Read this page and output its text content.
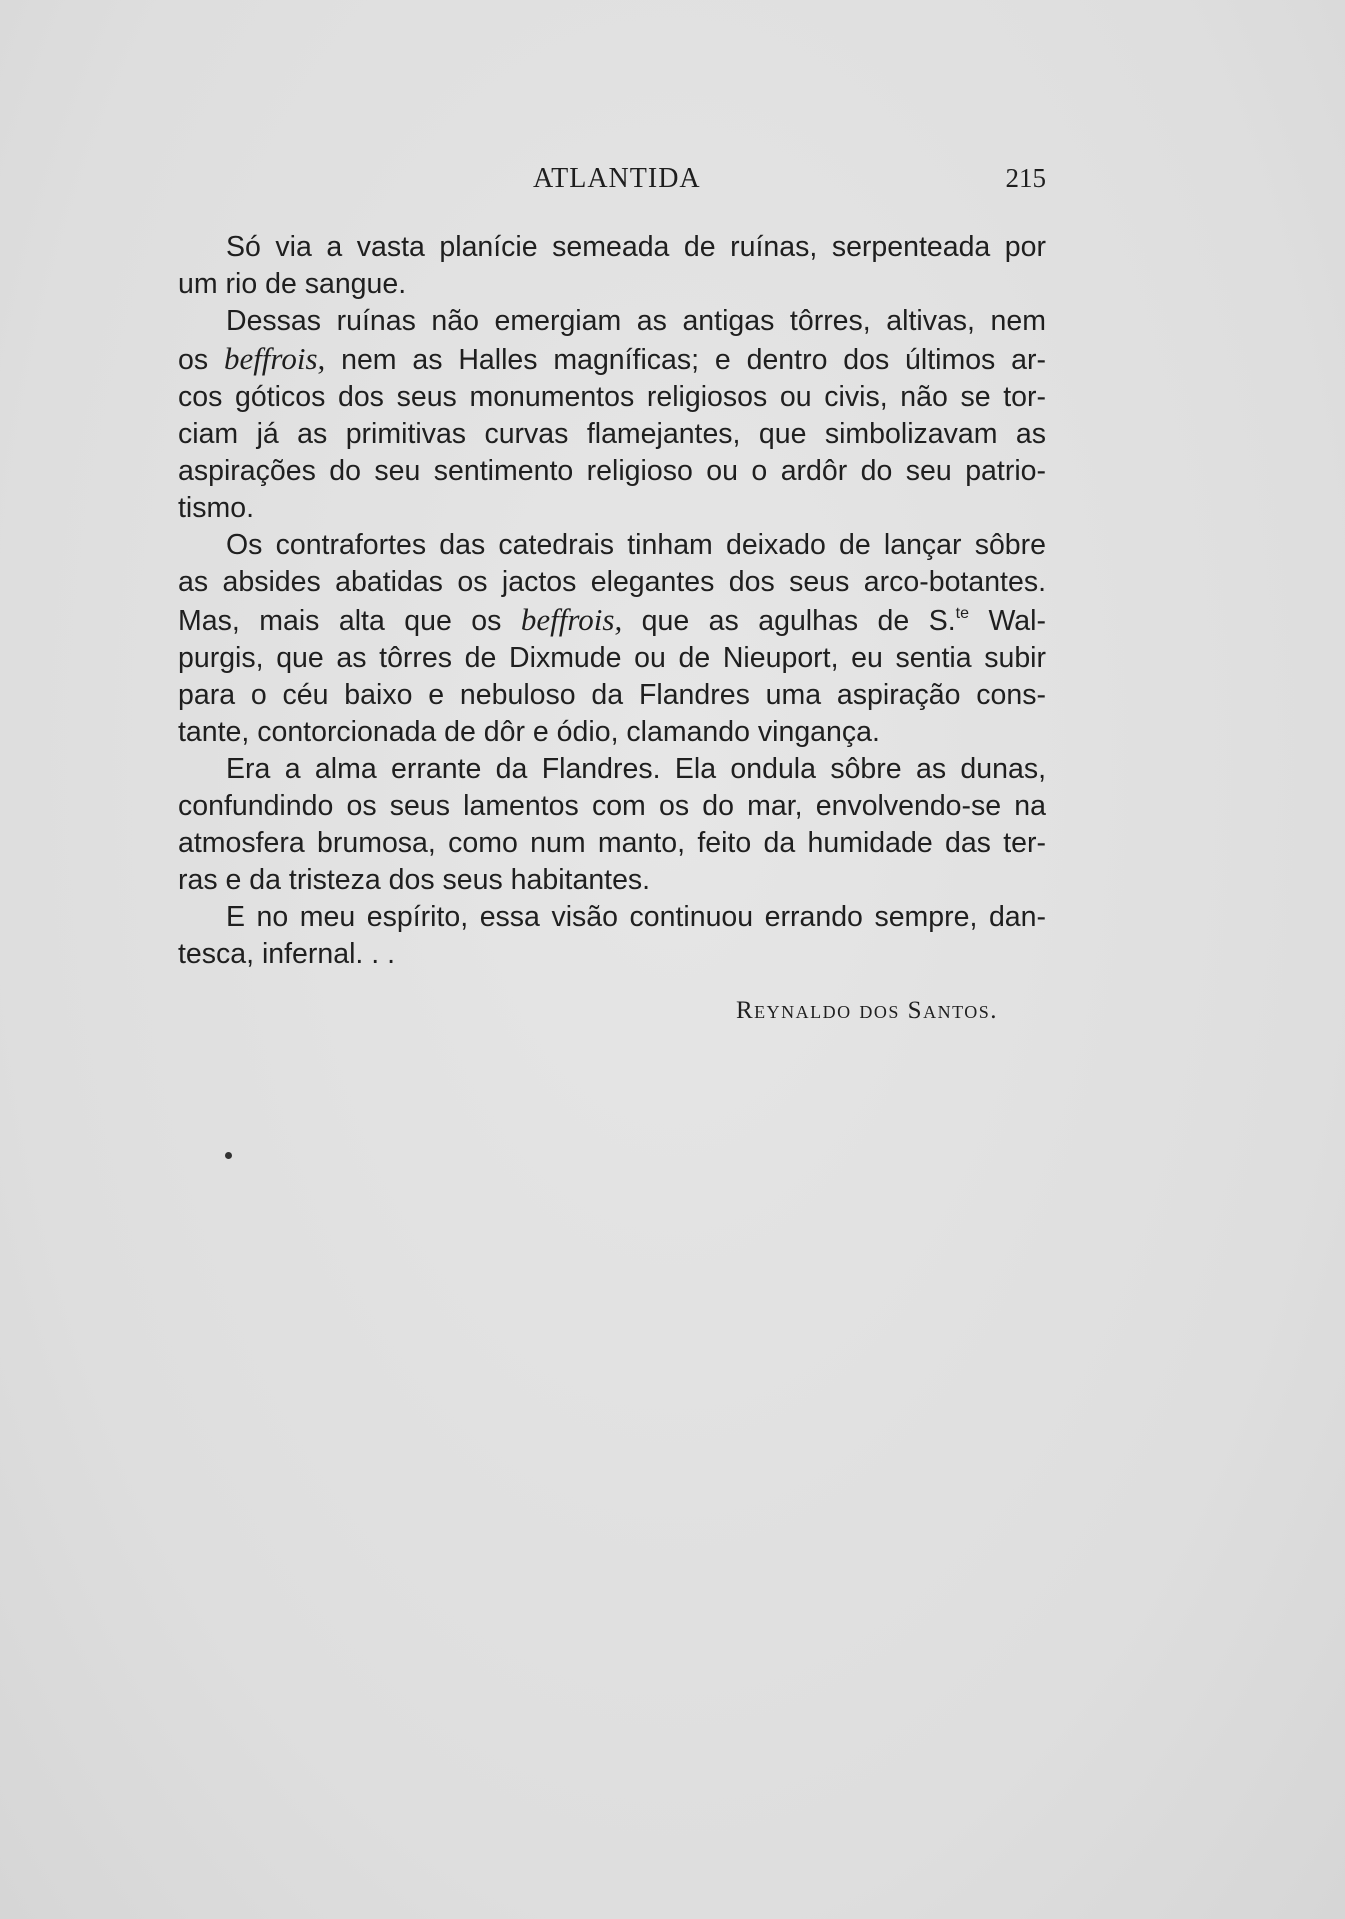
ATLANTIDA	215
Só via a vasta planície semeada de ruínas, serpenteada por
um rio de sangue.
Dessas ruínas não emergiam as antigas tôrres, altivas, nem
os beffrois, nem as Halles magníficas; e dentro dos últimos ar-
cos góticos dos seus monumentos religiosos ou civis, não se tor-
ciam já as primitivas curvas flamejantes, que simbolizavam as
aspirações do seu sentimento religioso ou o ardôr do seu patrio-
tismo.
Os contrafortes das catedrais tinham deixado de lançar sôbre
as absides abatidas os jactos elegantes dos seus arco-botantes.
Mas, mais alta que os beffrois, que as agulhas de S.$^{te}$ Wal-
purgis, que as tôrres de Dixmude ou de Nieuport, eu sentia subir
para o céu baixo e nebuloso da Flandres uma aspiração cons-
tante, contorcionada de dôr e ódio, clamando vingança.
Era a alma errante da Flandres. Ela ondula sôbre as dunas,
confundindo os seus lamentos com os do mar, envolvendo-se na
atmosfera brumosa, como num manto, feito da humidade das ter-
ras e da tristeza dos seus habitantes.
E no meu espírito, essa visão continuou errando sempre, dan-
tesca, infernal. . .
Reynaldo dos Santos.
